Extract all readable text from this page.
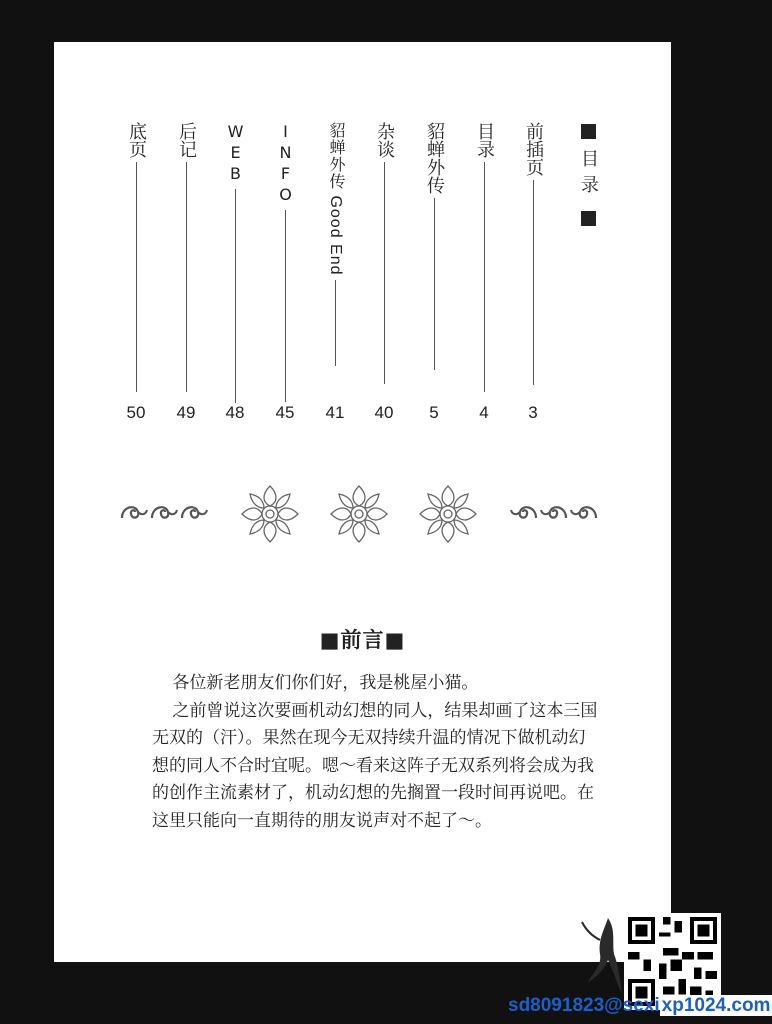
目录
前插页
3
目录
4
貂蝉外传
5
杂谈
40
貂蝉外传 Good End
41
INFO
45
WEB
48
后记
49
底页
50
■前言■

各位新老朋友们你们好，我是桃屋小猫。

之前曾说这次要画机动幻想的同人，结果却画了这本三国无双的（汗）。果然在现今无双持续升温的情况下做机动幻想的同人不合时宜呢。嗯～看来这阵子无双系列将会成为我的创作主流素材了，机动幻想的先搁置一段时间再说吧。在这里只能向一直期待的朋友说声对不起了～。

sd8091823@sexi xp1024.com
